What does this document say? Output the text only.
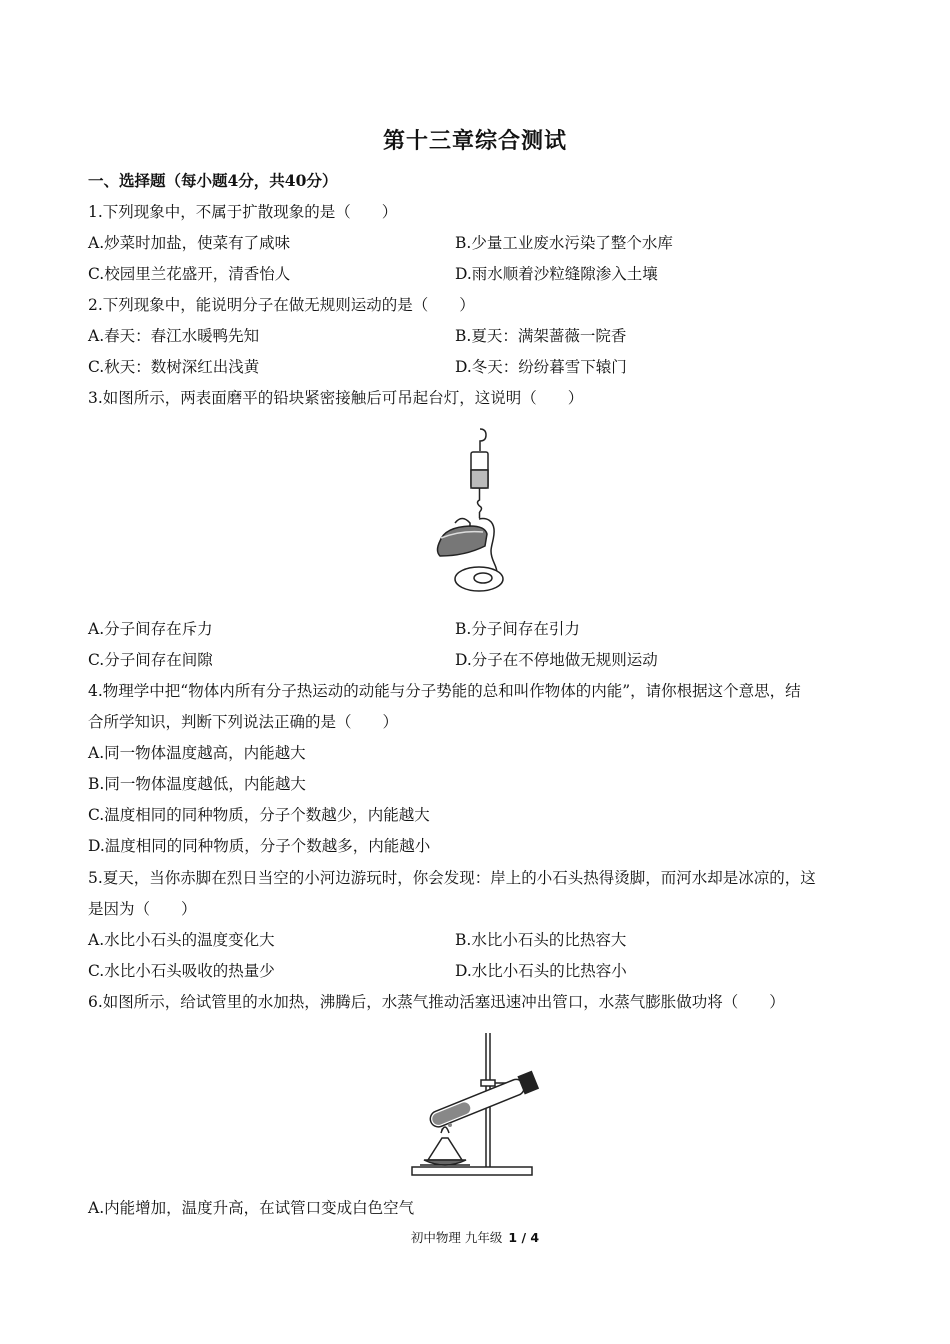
第十三章综合测试
一、选择题（每小题4分，共40分）
1.下列现象中，不属于扩散现象的是（　　）
A.炒菜时加盐，使菜有了咸味	B.少量工业废水污染了整个水库
C.校园里兰花盛开，清香怡人	D.雨水顺着沙粒缝隙渗入土壤
2.下列现象中，能说明分子在做无规则运动的是（　　）
A.春天：春江水暖鸭先知	B.夏天：满架蔷薇一院香
C.秋天：数树深红出浅黄	D.冬天：纷纷暮雪下辕门
3.如图所示，两表面磨平的铅块紧密接触后可吊起台灯，这说明（　　）
A.分子间存在斥力	B.分子间存在引力
C.分子间存在间隙	D.分子在不停地做无规则运动
4.物理学中把“物体内所有分子热运动的动能与分子势能的总和叫作物体的内能”，请你根据这个意思，结
合所学知识，判断下列说法正确的是（　　）
A.同一物体温度越高，内能越大
B.同一物体温度越低，内能越大
C.温度相同的同种物质，分子个数越少，内能越大
D.温度相同的同种物质，分子个数越多，内能越小
5.夏天，当你赤脚在烈日当空的小河边游玩时，你会发现：岸上的小石头热得烫脚，而河水却是冰凉的，这
是因为（　　）
A.水比小石头的温度变化大	B.水比小石头的比热容大
C.水比小石头吸收的热量少	D.水比小石头的比热容小
6.如图所示，给试管里的水加热，沸腾后，水蒸气推动活塞迅速冲出管口，水蒸气膨胀做功将（　　）
A.内能增加，温度升高，在试管口变成白色空气
初中物理 九年级 1 / 4
